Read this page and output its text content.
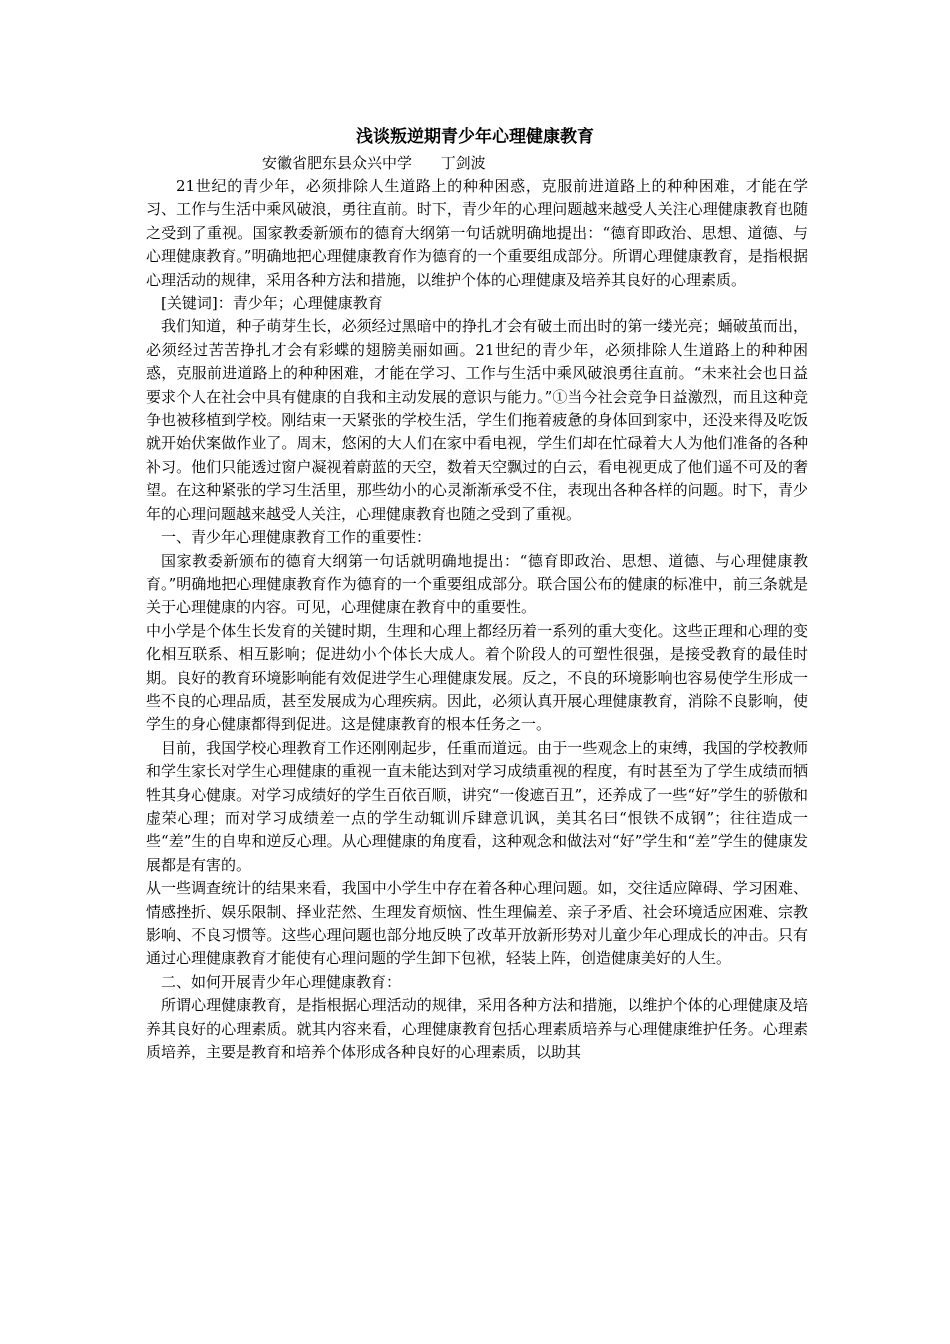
浅谈叛逆期青少年心理健康教育
安徽省肥东县众兴中学      丁剑波

21世纪的青少年，必须排除人生道路上的种种困惑，克服前进道路上的种种困难，才能在学习、工作与生活中乘风破浪，勇往直前。时下，青少年的心理问题越来越受人关注心理健康教育也随之受到了重视。国家教委新颁布的德育大纲第一句话就明确地提出：“德育即政治、思想、道德、与心理健康教育。”明确地把心理健康教育作为德育的一个重要组成部分。所谓心理健康教育，是指根据心理活动的规律，采用各种方法和措施，以维护个体的心理健康及培养其良好的心理素质。

[关键词]：青少年；心理健康教育

我们知道，种子萌芽生长，必须经过黑暗中的挣扎才会有破土而出时的第一缕光亮；蛹破茧而出，必须经过苦苦挣扎才会有彩蝶的翅膀美丽如画。21世纪的青少年，必须排除人生道路上的种种困惑，克服前进道路上的种种困难，才能在学习、工作与生活中乘风破浪勇往直前。“未来社会也日益要求个人在社会中具有健康的自我和主动发展的意识与能力。”①当今社会竞争日益激烈，而且这种竞争也被移植到学校。刚结束一天紧张的学校生活，学生们拖着疲惫的身体回到家中，还没来得及吃饭就开始伏案做作业了。周末，悠闲的大人们在家中看电视，学生们却在忙碌着大人为他们准备的各种补习。他们只能透过窗户凝视着蔚蓝的天空，数着天空飘过的白云，看电视更成了他们遥不可及的奢望。在这种紧张的学习生活里，那些幼小的心灵渐渐承受不住，表现出各种各样的问题。时下，青少年的心理问题越来越受人关注，心理健康教育也随之受到了重视。

一、青少年心理健康教育工作的重要性：

国家教委新颁布的德育大纲第一句话就明确地提出：“德育即政治、思想、道德、与心理健康教育。”明确地把心理健康教育作为德育的一个重要组成部分。联合国公布的健康的标准中，前三条就是关于心理健康的内容。可见，心理健康在教育中的重要性。

中小学是个体生长发育的关键时期，生理和心理上都经历着一系列的重大变化。这些正理和心理的变化相互联系、相互影响；促进幼小个体长大成人。着个阶段人的可塑性很强，是接受教育的最佳时期。良好的教育环境影响能有效促进学生心理健康发展。反之，不良的环境影响也容易使学生形成一些不良的心理品质，甚至发展成为心理疾病。因此，必须认真开展心理健康教育，消除不良影响，使学生的身心健康都得到促进。这是健康教育的根本任务之一。

目前，我国学校心理教育工作还刚刚起步，任重而道远。由于一些观念上的束缚，我国的学校教师和学生家长对学生心理健康的重视一直未能达到对学习成绩重视的程度，有时甚至为了学生成绩而牺牲其身心健康。对学习成绩好的学生百依百顺，讲究“一俊遮百丑”，还养成了一些“好”学生的骄傲和虚荣心理；而对学习成绩差一点的学生动辄训斥肆意讥讽，美其名曰“恨铁不成钢”；往往造成一些“差”生的自卑和逆反心理。从心理健康的角度看，这种观念和做法对“好”学生和“差”学生的健康发展都是有害的。

从一些调查统计的结果来看，我国中小学生中存在着各种心理问题。如，交往适应障碍、学习困难、情感挫折、娱乐限制、择业茫然、生理发育烦恼、性生理偏差、亲子矛盾、社会环境适应困难、宗教影响、不良习惯等。这些心理问题也部分地反映了改革开放新形势对儿童少年心理成长的冲击。只有通过心理健康教育才能使有心理问题的学生卸下包袱，轻装上阵，创造健康美好的人生。

二、如何开展青少年心理健康教育：

所谓心理健康教育，是指根据心理活动的规律，采用各种方法和措施，以维护个体的心理健康及培养其良好的心理素质。就其内容来看，心理健康教育包括心理素质培养与心理健康维护任务。心理素质培养，主要是教育和培养个体形成各种良好的心理素质，以助其
